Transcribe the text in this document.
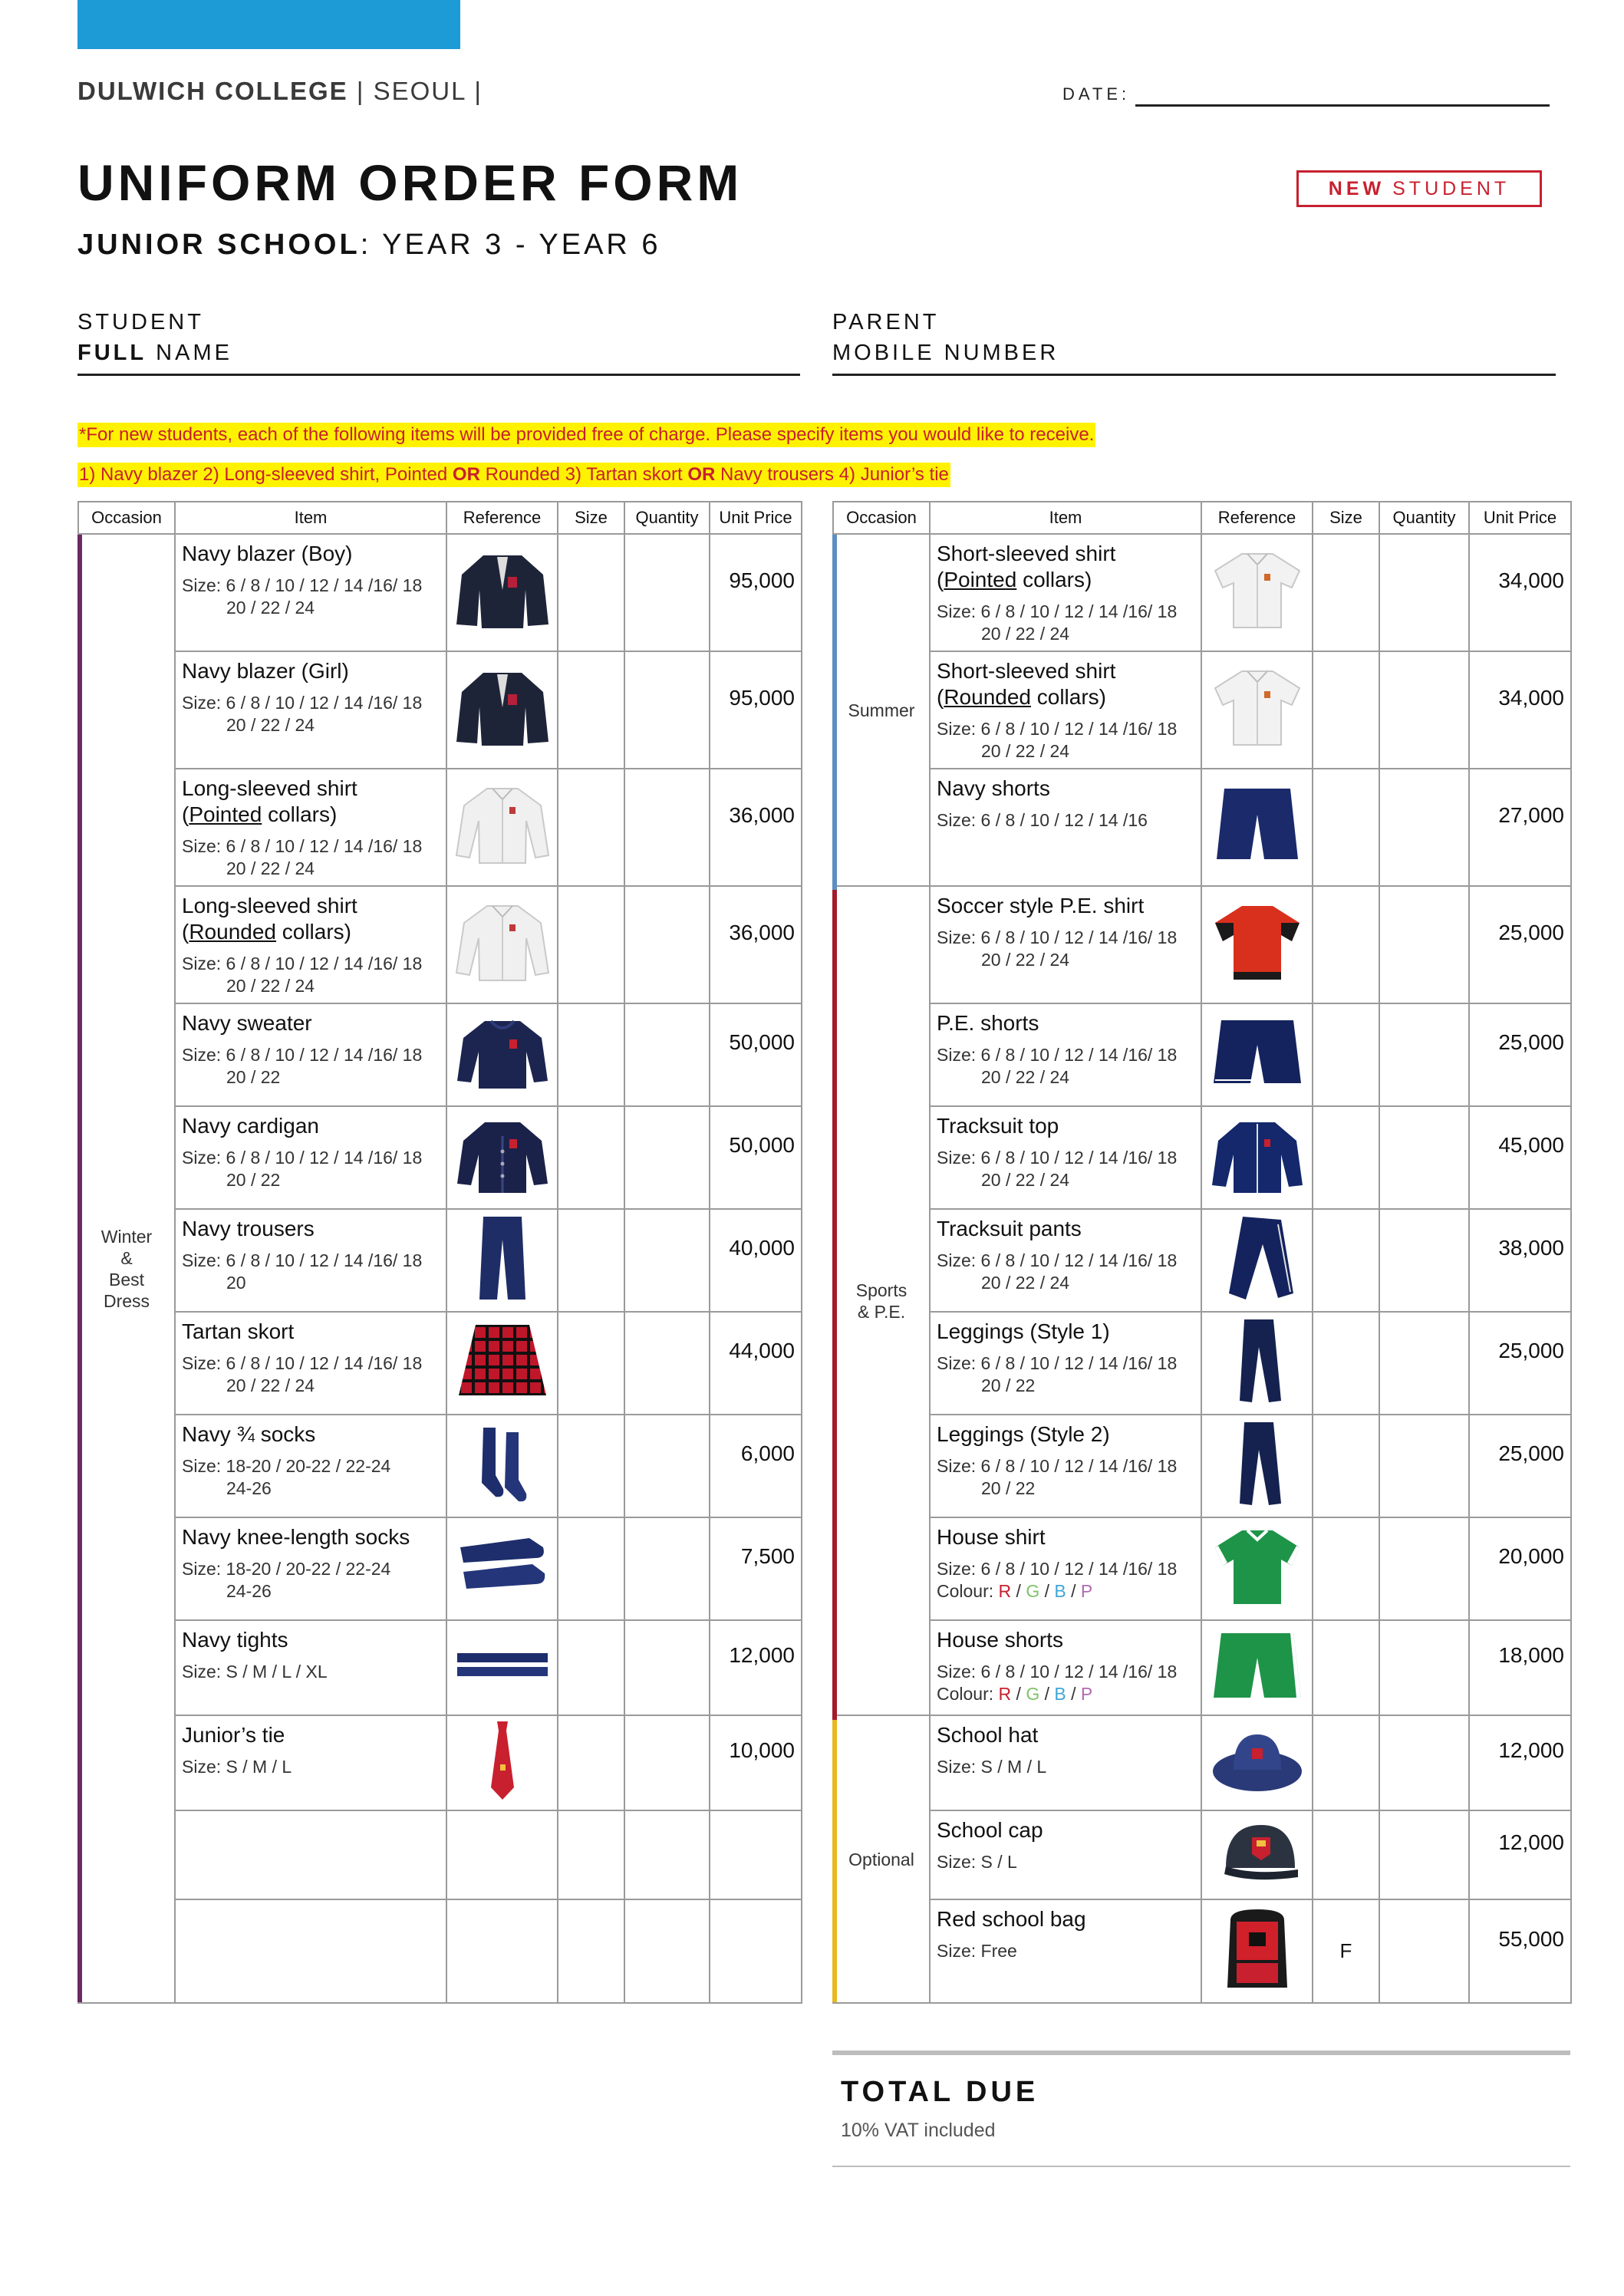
DULWICH COLLEGE | SEOUL |	DATE:
UNIFORM ORDER FORM
JUNIOR SCHOOL: YEAR 3 - YEAR 6
NEW STUDENT
STUDENT
FULL NAME
PARENT
MOBILE NUMBER
*For new students, each of the following items will be provided free of charge. Please specify items you would like to receive.
1) Navy blazer 2) Long-sleeved shirt, Pointed OR Rounded 3) Tartan skort OR Navy trousers 4) Junior’s tie
Occasion	Item	Reference	Size	Quantity	Unit Price
Winter
&
Best
Dress	Navy blazer (Boy)
Size: 6 / 8 / 10 / 12 / 14 /16/ 18
20 / 22 / 24				95,000

	Navy blazer (Girl)
Size: 6 / 8 / 10 / 12 / 14 /16/ 18
20 / 22 / 24				95,000

	Long-sleeved shirt
(Pointed collars)
Size: 6 / 8 / 10 / 12 / 14 /16/ 18
20 / 22 / 24				36,000

	Long-sleeved shirt
(Rounded collars)
Size: 6 / 8 / 10 / 12 / 14 /16/ 18
20 / 22 / 24				36,000

	Navy sweater
Size: 6 / 8 / 10 / 12 / 14 /16/ 18
20 / 22				50,000

	Navy cardigan
Size: 6 / 8 / 10 / 12 / 14 /16/ 18
20 / 22				50,000

	Navy trousers
Size: 6 / 8 / 10 / 12 / 14 /16/ 18
20				40,000

	Tartan skort
Size: 6 / 8 / 10 / 12 / 14 /16/ 18
20 / 22 / 24				44,000

	Navy ¾ socks
Size: 18-20 / 20-22 / 22-24
24-26				6,000

	Navy knee-length socks
Size: 18-20 / 20-22 / 22-24
24-26				7,500

	Navy tights
Size: S / M / L / XL				12,000

	Junior’s tie
Size: S / M / L				10,000

Occasion	Item	Reference	Size	Quantity	Unit Price
Summer	Short-sleeved shirt
(Pointed collars)
Size: 6 / 8 / 10 / 12 / 14 /16/ 18
20 / 22 / 24				34,000

	Short-sleeved shirt
(Rounded collars)
Size: 6 / 8 / 10 / 12 / 14 /16/ 18
20 / 22 / 24				34,000

	Navy shorts
Size: 6 / 8 / 10 / 12 / 14 /16				27,000
Sports
& P.E.	Soccer style P.E. shirt
Size: 6 / 8 / 10 / 12 / 14 /16/ 18
20 / 22 / 24				25,000

	P.E. shorts
Size: 6 / 8 / 10 / 12 / 14 /16/ 18
20 / 22 / 24				25,000

	Tracksuit top
Size: 6 / 8 / 10 / 12 / 14 /16/ 18
20 / 22 / 24				45,000

	Tracksuit pants
Size: 6 / 8 / 10 / 12 / 14 /16/ 18
20 / 22 / 24				38,000

	Leggings (Style 1)
Size: 6 / 8 / 10 / 12 / 14 /16/ 18
20 / 22				25,000

	Leggings (Style 2)
Size: 6 / 8 / 10 / 12 / 14 /16/ 18
20 / 22				25,000

	House shirt
Size: 6 / 8 / 10 / 12 / 14 /16/ 18
Colour: R / G / B / P				20,000

	House shorts
Size: 6 / 8 / 10 / 12 / 14 /16/ 18
Colour: R / G / B / P				18,000
Optional	School hat
Size: S / M / L				12,000

	School cap
Size: S / L				12,000

	Red school bag
Size: Free		F		55,000
TOTAL DUE
10% VAT included
